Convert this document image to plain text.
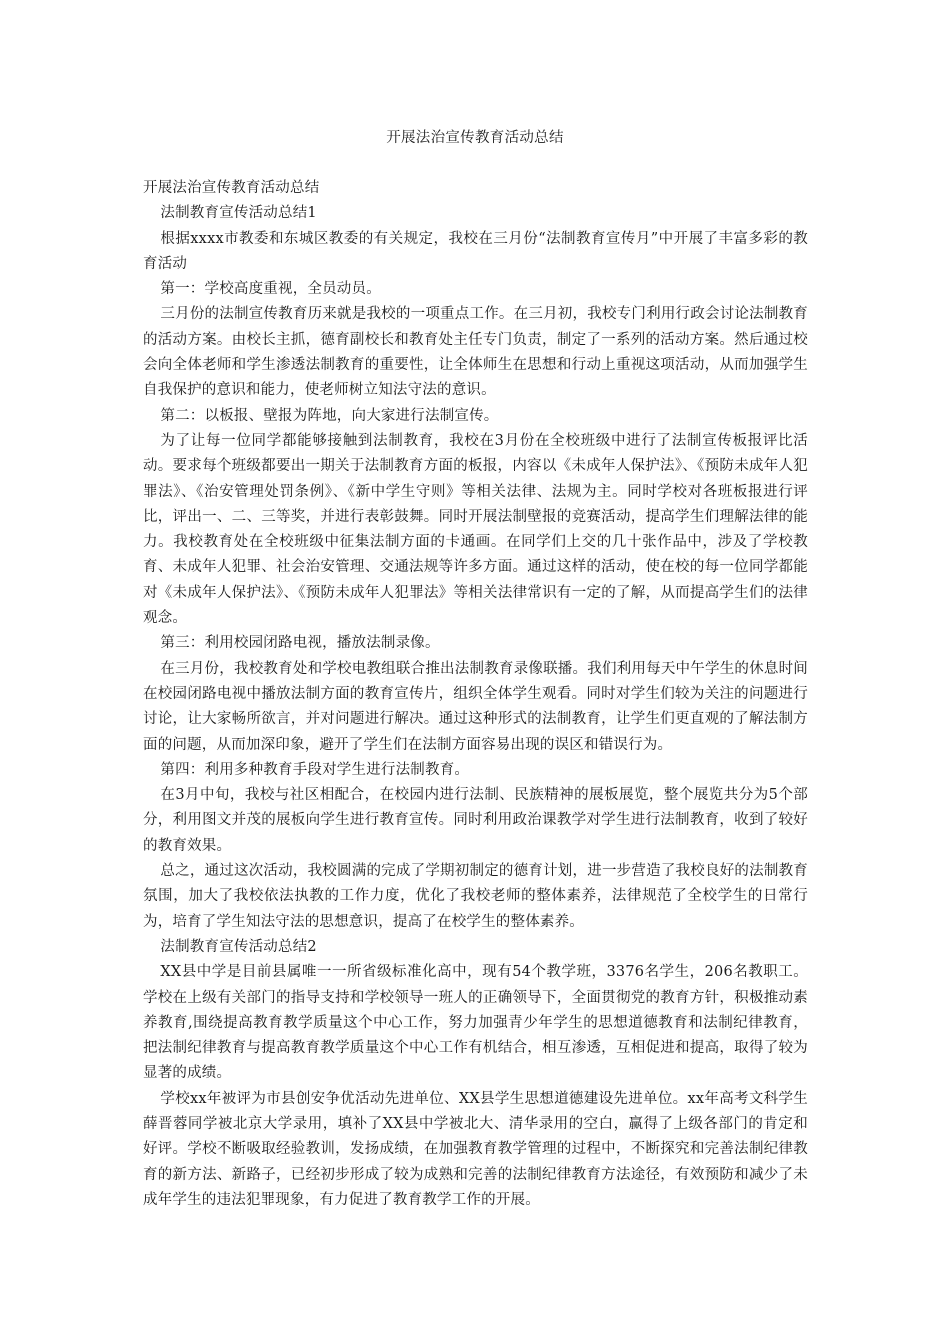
开展法治宣传教育活动总结

开展法治宣传教育活动总结

法制教育宣传活动总结1

根据xxxx市教委和东城区教委的有关规定，我校在三月份“法制教育宣传月”中开展了丰富多彩的教育活动

第一：学校高度重视，全员动员。

三月份的法制宣传教育历来就是我校的一项重点工作。在三月初，我校专门利用行政会讨论法制教育的活动方案。由校长主抓，德育副校长和教育处主任专门负责，制定了一系列的活动方案。然后通过校会向全体老师和学生渗透法制教育的重要性，让全体师生在思想和行动上重视这项活动，从而加强学生自我保护的意识和能力，使老师树立知法守法的意识。

第二：以板报、壁报为阵地，向大家进行法制宣传。

为了让每一位同学都能够接触到法制教育，我校在3月份在全校班级中进行了法制宣传板报评比活动。要求每个班级都要出一期关于法制教育方面的板报，内容以《未成年人保护法》、《预防未成年人犯罪法》、《治安管理处罚条例》、《新中学生守则》等相关法律、法规为主。同时学校对各班板报进行评比，评出一、二、三等奖，并进行表彰鼓舞。同时开展法制壁报的竞赛活动，提高学生们理解法律的能力。我校教育处在全校班级中征集法制方面的卡通画。在同学们上交的几十张作品中，涉及了学校教育、未成年人犯罪、社会治安管理、交通法规等许多方面。通过这样的活动，使在校的每一位同学都能对《未成年人保护法》、《预防未成年人犯罪法》等相关法律常识有一定的了解，从而提高学生们的法律观念。

第三：利用校园闭路电视，播放法制录像。

在三月份，我校教育处和学校电教组联合推出法制教育录像联播。我们利用每天中午学生的休息时间在校园闭路电视中播放法制方面的教育宣传片，组织全体学生观看。同时对学生们较为关注的问题进行讨论，让大家畅所欲言，并对问题进行解决。通过这种形式的法制教育，让学生们更直观的了解法制方面的问题，从而加深印象，避开了学生们在法制方面容易出现的误区和错误行为。

第四：利用多种教育手段对学生进行法制教育。

在3月中旬，我校与社区相配合，在校园内进行法制、民族精神的展板展览，整个展览共分为5个部分，利用图文并茂的展板向学生进行教育宣传。同时利用政治课教学对学生进行法制教育，收到了较好的教育效果。

总之，通过这次活动，我校圆满的完成了学期初制定的德育计划，进一步营造了我校良好的法制教育氛围，加大了我校依法执教的工作力度，优化了我校老师的整体素养，法律规范了全校学生的日常行为，培育了学生知法守法的思想意识，提高了在校学生的整体素养。

法制教育宣传活动总结2

XX县中学是目前县属唯一一所省级标准化高中，现有54个教学班，3376名学生，206名教职工。学校在上级有关部门的指导支持和学校领导一班人的正确领导下，全面贯彻党的教育方针，积极推动素养教育,围绕提高教育教学质量这个中心工作，努力加强青少年学生的思想道德教育和法制纪律教育，把法制纪律教育与提高教育教学质量这个中心工作有机结合，相互渗透，互相促进和提高，取得了较为显著的成绩。

学校xx年被评为市县创安争优活动先进单位、XX县学生思想道德建设先进单位。xx年高考文科学生薛晋蓉同学被北京大学录用，填补了XX县中学被北大、清华录用的空白，赢得了上级各部门的肯定和好评。学校不断吸取经验教训，发扬成绩，在加强教育教学管理的过程中，不断探究和完善法制纪律教育的新方法、新路子，已经初步形成了较为成熟和完善的法制纪律教育方法途径，有效预防和减少了未成年学生的违法犯罪现象，有力促进了教育教学工作的开展。
